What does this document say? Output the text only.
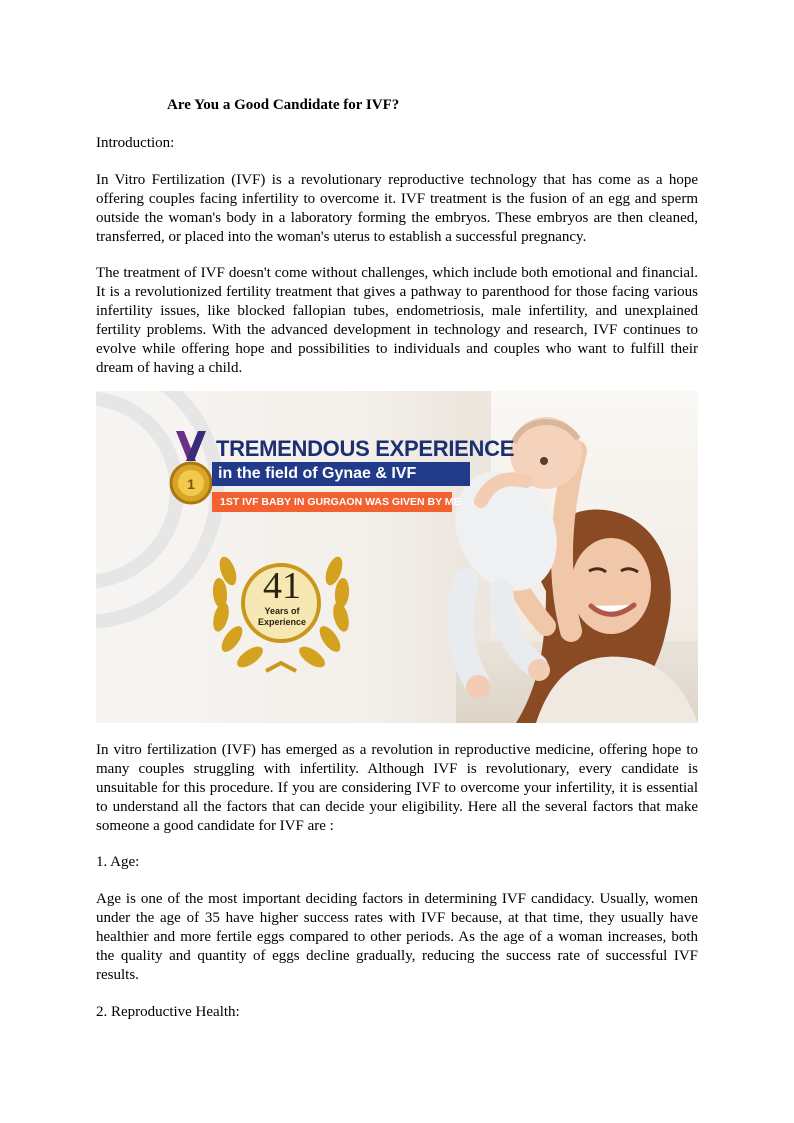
Are You a Good Candidate for IVF?

Introduction:

In Vitro Fertilization (IVF) is a revolutionary reproductive technology that has come as a hope offering couples facing infertility to overcome it. IVF treatment is the fusion of an egg and sperm outside the woman's body in a laboratory forming the embryos. These embryos are then cleaned, transferred, or placed into the woman's uterus to establish a successful pregnancy.

The treatment of IVF doesn't come without challenges, which include both emotional and financial. It is a revolutionized fertility treatment that gives a pathway to parenthood for those facing various infertility issues, like blocked fallopian tubes, endometriosis, male infertility, and unexplained fertility problems. With the advanced development in technology and research, IVF continues to evolve while offering hope and possibilities to individuals and couples who want to fulfill their dream of having a child.

1
TREMENDOUS EXPERIENCE
in the field of Gynae & IVF
1ST IVF BABY IN GURGAON WAS GIVEN BY ME
41
Years of
Experience

In vitro fertilization (IVF) has emerged as a revolution in reproductive medicine, offering hope to many couples struggling with infertility. Although IVF is revolutionary, every candidate is unsuitable for this procedure. If you are considering IVF to overcome your infertility, it is essential to understand all the factors that can decide your eligibility. Here all the several factors that make someone a good candidate for IVF are :

1. Age:

Age is one of the most important deciding factors in determining IVF candidacy. Usually, women under the age of 35 have higher success rates with IVF because, at that time, they usually have healthier and more fertile eggs compared to other periods. As the age of a woman increases, both the quality and quantity of eggs decline gradually, reducing the success rate of successful IVF results.

2. Reproductive Health:
